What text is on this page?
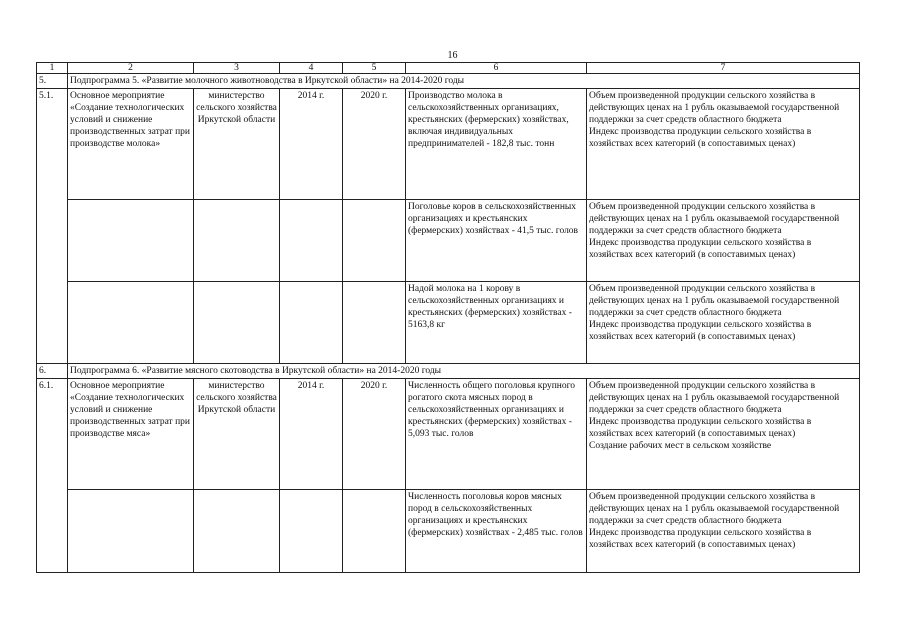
16
1	2	3	4	5	6	7
5.	Подпрограмма 5. «Развитие молочного животноводства в Иркутской области» на 2014-2020 годы					
5.1.	Основное мероприятие «Создание технологических условий и снижение производственных затрат при производстве молока»	министерство сельского хозяйства Иркутской области	2014 г.	2020 г.	Производство молока в сельскохозяйственных организациях, крестьянских (фермерских) хозяйствах, включая индивидуальных предпринимателей - 182,8 тыс. тонн	Объем произведенной продукции сельского хозяйства в действующих ценах на 1 рубль оказываемой государственной поддержки за счет средств областного бюджета
Индекс производства продукции сельского хозяйства в хозяйствах всех категорий (в сопоставимых ценах)
					Поголовье коров в сельскохозяйственных организациях и крестьянских (фермерских) хозяйствах - 41,5 тыс. голов	Объем произведенной продукции сельского хозяйства в действующих ценах на 1 рубль оказываемой государственной поддержки за счет средств областного бюджета
Индекс производства продукции сельского хозяйства в хозяйствах всех категорий (в сопоставимых ценах)
					Надой молока на 1 корову в сельскохозяйственных организациях и крестьянских (фермерских) хозяйствах - 5163,8 кг	Объем произведенной продукции сельского хозяйства в действующих ценах на 1 рубль оказываемой государственной поддержки за счет средств областного бюджета
Индекс производства продукции сельского хозяйства в хозяйствах всех категорий (в сопоставимых ценах)
6.	Подпрограмма 6. «Развитие мясного скотоводства в Иркутской области» на 2014-2020 годы					
6.1.	Основное мероприятие «Создание технологических условий и снижение производственных затрат при производстве мяса»	министерство сельского хозяйства Иркутской области	2014 г.	2020 г.	Численность общего поголовья крупного рогатого скота мясных пород в сельскохозяйственных организациях и крестьянских (фермерских) хозяйствах - 5,093 тыс. голов	Объем произведенной продукции сельского хозяйства в действующих ценах на 1 рубль оказываемой государственной поддержки за счет средств областного бюджета
Индекс производства продукции сельского хозяйства в хозяйствах всех категорий (в сопоставимых ценах)
Создание рабочих мест в сельском хозяйстве
					Численность поголовья коров мясных пород в сельскохозяйственных организациях и крестьянских (фермерских) хозяйствах - 2,485 тыс. голов	Объем произведенной продукции сельского хозяйства в действующих ценах на 1 рубль оказываемой государственной поддержки за счет средств областного бюджета
Индекс производства продукции сельского хозяйства в хозяйствах всех категорий (в сопоставимых ценах)
